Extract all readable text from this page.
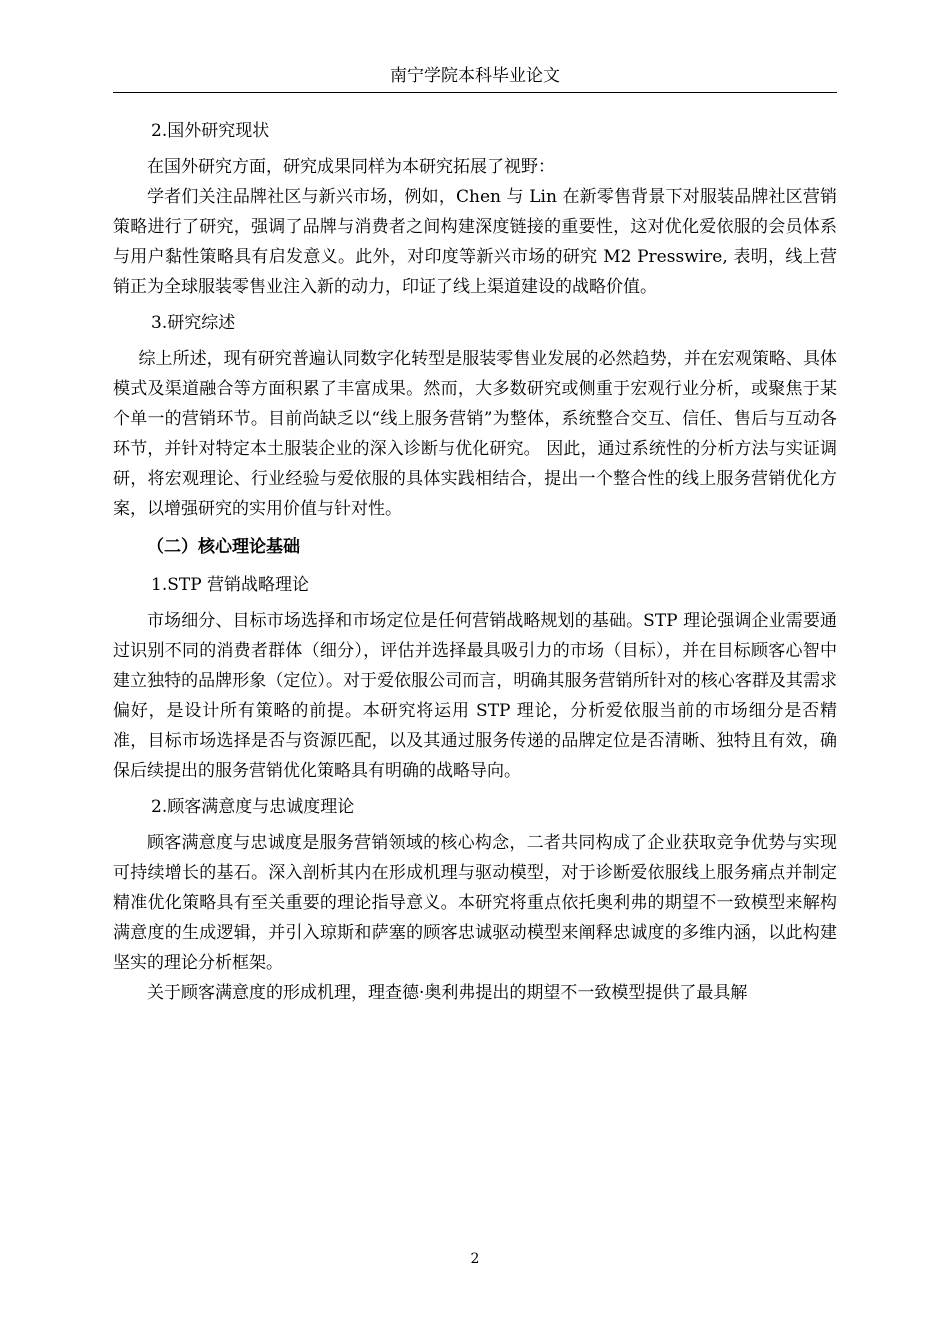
南宁学院本科毕业论文

2.国外研究现状

在国外研究方面，研究成果同样为本研究拓展了视野：

学者们关注品牌社区与新兴市场，例如，Chen 与 Lin 在新零售背景下对服装品牌社区营销策略进行了研究，强调了品牌与消费者之间构建深度链接的重要性，这对优化爱依服的会员体系与用户黏性策略具有启发意义。此外，对印度等新兴市场的研究 M2 Presswire, 表明，线上营销正为全球服装零售业注入新的动力，印证了线上渠道建设的战略价值。

3.研究综述

综上所述，现有研究普遍认同数字化转型是服装零售业发展的必然趋势，并在宏观策略、具体模式及渠道融合等方面积累了丰富成果。然而，大多数研究或侧重于宏观行业分析，或聚焦于某个单一的营销环节。目前尚缺乏以“线上服务营销”为整体，系统整合交互、信任、售后与互动各环节，并针对特定本土服装企业的深入诊断与优化研究。 因此，通过系统性的分析方法与实证调研，将宏观理论、行业经验与爱依服的具体实践相结合，提出一个整合性的线上服务营销优化方案，以增强研究的实用价值与针对性。

（二）核心理论基础

1.STP 营销战略理论

市场细分、目标市场选择和市场定位是任何营销战略规划的基础。STP 理论强调企业需要通过识别不同的消费者群体（细分），评估并选择最具吸引力的市场（目标），并在目标顾客心智中建立独特的品牌形象（定位）。对于爱依服公司而言，明确其服务营销所针对的核心客群及其需求偏好，是设计所有策略的前提。本研究将运用 STP 理论，分析爱依服当前的市场细分是否精准，目标市场选择是否与资源匹配，以及其通过服务传递的品牌定位是否清晰、独特且有效，确保后续提出的服务营销优化策略具有明确的战略导向。

2.顾客满意度与忠诚度理论

顾客满意度与忠诚度是服务营销领域的核心构念，二者共同构成了企业获取竞争优势与实现可持续增长的基石。深入剖析其内在形成机理与驱动模型，对于诊断爱依服线上服务痛点并制定精准优化策略具有至关重要的理论指导意义。本研究将重点依托奥利弗的期望不一致模型来解构满意度的生成逻辑，并引入琼斯和萨塞的顾客忠诚驱动模型来阐释忠诚度的多维内涵，以此构建坚实的理论分析框架。

关于顾客满意度的形成机理，理查德·奥利弗提出的期望不一致模型提供了最具解

2
